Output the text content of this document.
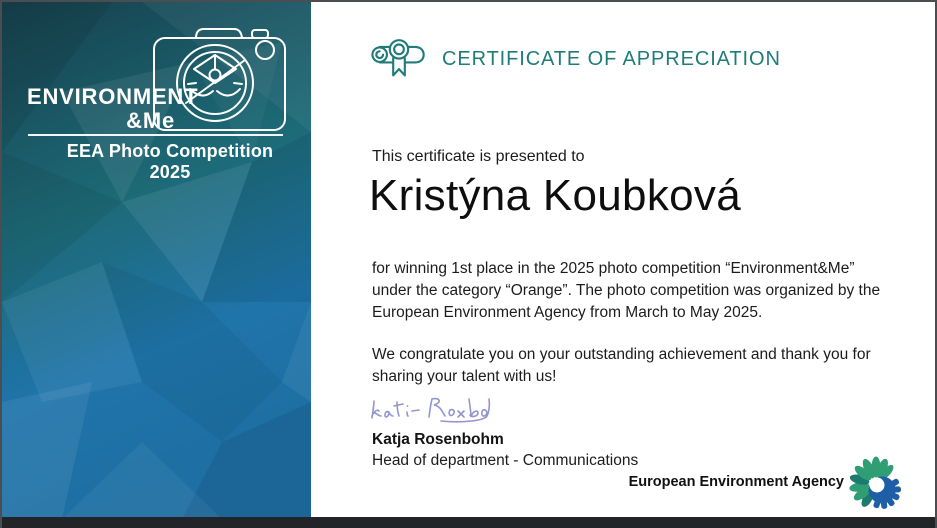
ENVIRONMENT
&Me
EEA Photo Competition 2025
CERTIFICATE OF APPRECIATION
This certificate is presented to
Kristýna Koubková
for winning 1st place in the 2025 photo competition “Environment&Me”
under the category “Orange”. The photo competition was organized by the
European Environment Agency from March to May 2025.
We congratulate you on your outstanding achievement and thank you for
sharing your talent with us!
Katja Rosenbohm
Head of department - Communications
European Environment Agency
